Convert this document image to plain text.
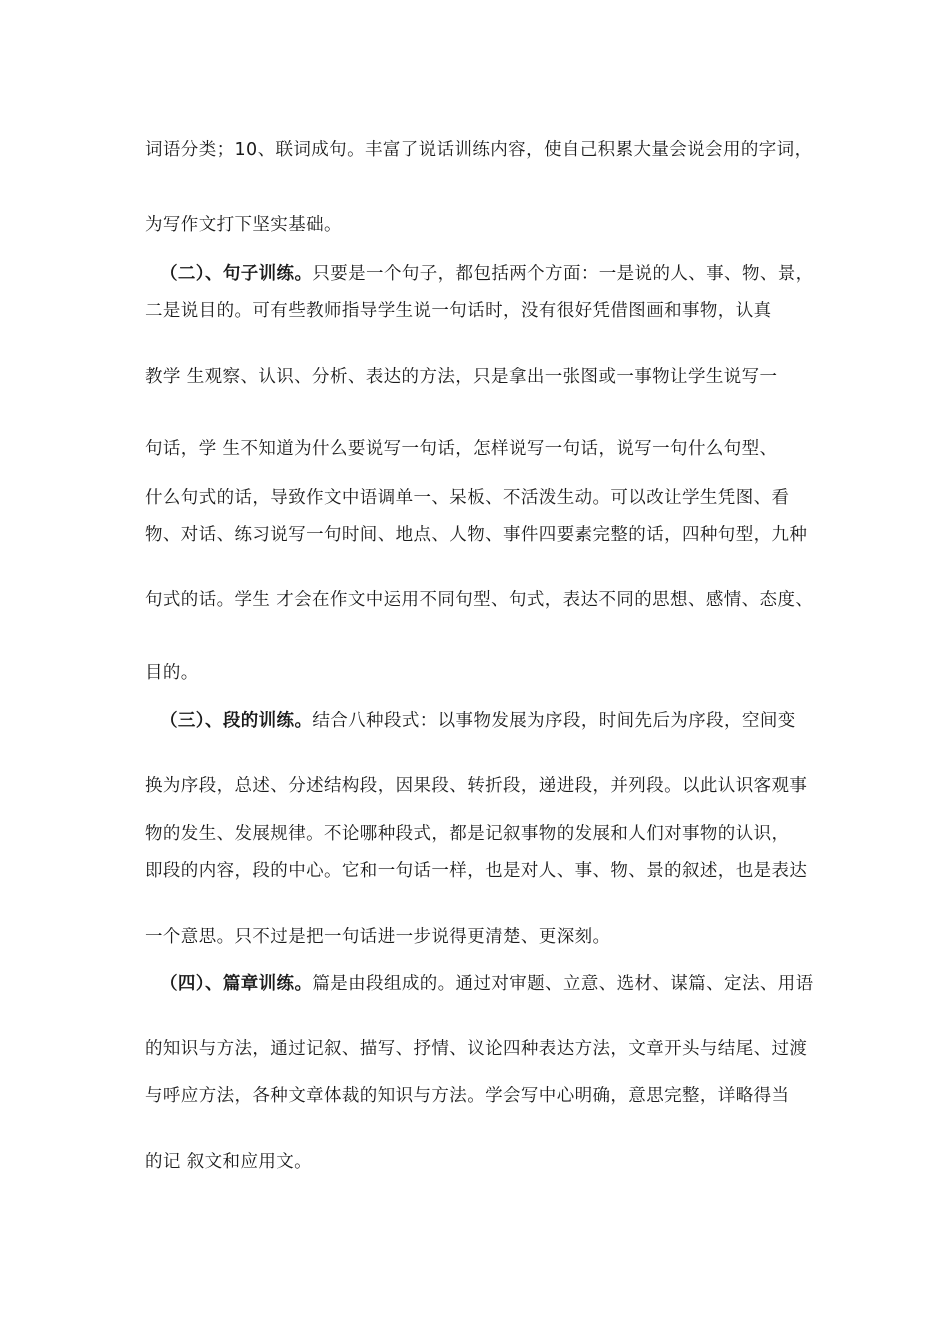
词语分类；10、联词成句。丰富了说话训练内容，使自己积累大量会说会用的字词，
为写作文打下坚实基础。
（二）、句子训练。只要是一个句子，都包括两个方面：一是说的人、事、物、景，
二是说目的。可有些教师指导学生说一句话时，没有很好凭借图画和事物，认真
教学 生观察、认识、分析、表达的方法，只是拿出一张图或一事物让学生说写一
句话，学 生不知道为什么要说写一句话，怎样说写一句话，说写一句什么句型、
什么句式的话，导致作文中语调单一、呆板、不活泼生动。可以改让学生凭图、看
物、对话、练习说写一句时间、地点、人物、事件四要素完整的话，四种句型，九种
句式的话。学生 才会在作文中运用不同句型、句式，表达不同的思想、感情、态度、
目的。
（三）、段的训练。结合八种段式：以事物发展为序段，时间先后为序段，空间变
换为序段，总述、分述结构段，因果段、转折段，递进段，并列段。以此认识客观事
物的发生、发展规律。不论哪种段式，都是记叙事物的发展和人们对事物的认识，
即段的内容，段的中心。它和一句话一样，也是对人、事、物、景的叙述，也是表达
一个意思。只不过是把一句话进一步说得更清楚、更深刻。
（四）、篇章训练。篇是由段组成的。通过对审题、立意、选材、谋篇、定法、用语
的知识与方法，通过记叙、描写、抒情、议论四种表达方法，文章开头与结尾、过渡
与呼应方法，各种文章体裁的知识与方法。学会写中心明确，意思完整，详略得当
的记 叙文和应用文。
